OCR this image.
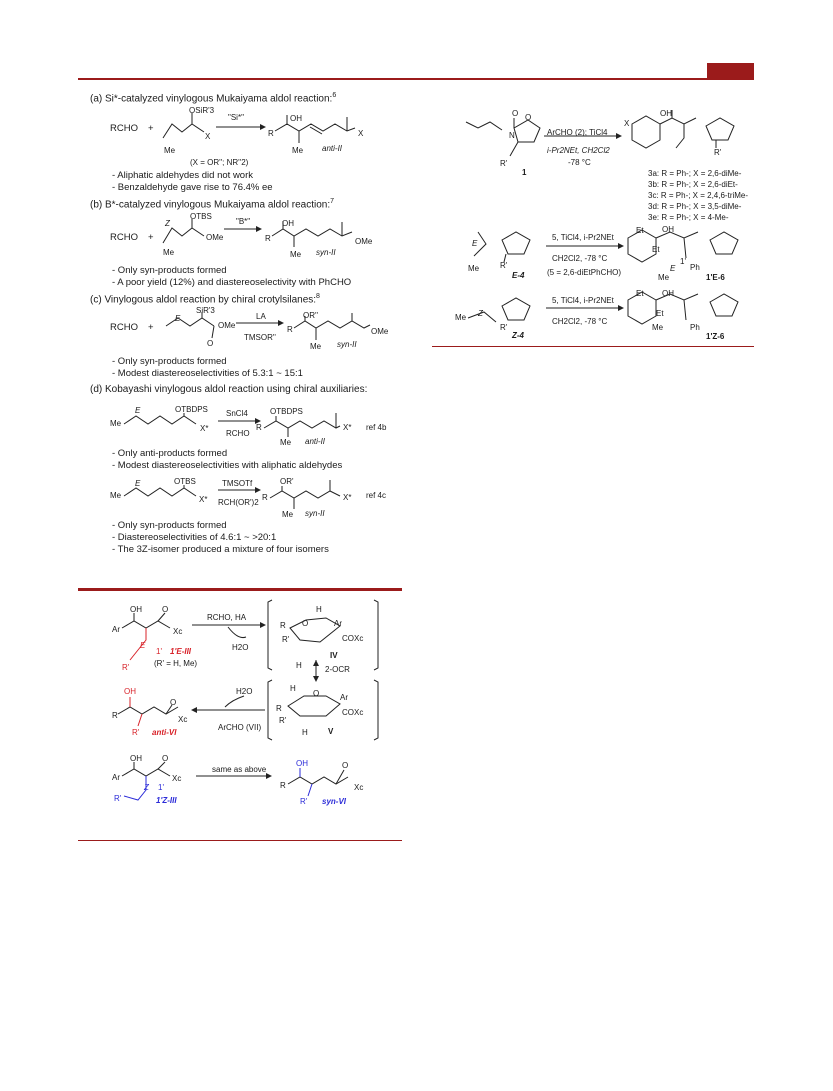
(a) Si*-catalyzed vinylogous Mukaiyama aldol reaction:$^6$
RCHO +
OSiR'3
X
Me
"Si*"
(X = OR''; NR''2)
OH
R	X
Me anti-II
- Aliphatic aldehydes did not work
- Benzaldehyde gave rise to 76.4% ee
(b) B*-catalyzed vinylogous Mukaiyama aldol reaction:$^7$
RCHO +
Z
OTBS
OMe
Me
"B*"	OH
R	OMe
Me syn-II
- Only syn-products formed
- A poor yield (12%) and diastereoselectivity with PhCHO
(c) Vinylogous aldol reaction by chiral crotylsilanes:$^8$
RCHO +
E
SiR'3
OMe
O
LA
TMSOR''
OR''
R	OMe
Me syn-II
- Only syn-products formed
- Modest diastereoselectivities of 5.3:1 ~ 15:1
(d) Kobayashi vinylogous aldol reaction using chiral auxiliaries:
Me
E	OTBDPS
X*
SnCl4
RCHO
OTBDPS
R	X*
Me anti-II
ref 4b
- Only anti-products formed
- Modest diastereoselectivities with aliphatic aldehydes
Me
E	OTBS
X*
TMSOTf
RCH(OR')2
OR'
R	X*
Me syn-II
ref 4c
- Only syn-products formed
- Diastereoselectivities of 4.6:1 ~ >20:1
- The 3Z-isomer produced a mixture of four isomers
OH	O
Ar	Xc
E
1' 1'E-III
(R' = H, Me)
R'
RCHO, HA
H2O
R
R'
O
H
Ar
COXc
H
IV
2-OCR
H
O	Ar
R
R'
COXc
H	V
H2O
ArCHO (VII)
OH
O
R	Xc
R' anti-VI
OH	O
Ar	Xc
Z 1'
R'	1'Z-III
same as above
OH	O
R	Xc
R' syn-VI
O
N
O
R'
1
ArCHO (2); TiCl4
i-Pr2NEt, CH2Cl2
-78 °C
X
OH
R'
3a: R = Ph-; X = 2,6-diMe-
3b: R = Ph-; X = 2,6-diEt-
3c: R = Ph-; X = 2,4,6-triMe-
3d: R = Ph-; X = 3,5-diMe-
3e: R = Ph-; X = 4-Me-
E
Me	R'
E-4
5, TiCl4, i-Pr2NEt
CH2Cl2, -78 °C
(5 = 2,6-diEtPhCHO)
Et OH
Et
1'
E
Me
Ph
1'E-6
Me Z
R'
Z-4
5, TiCl4, i-Pr2NEt
CH2Cl2, -78 °C
Et OH
Et
Me	Ph
1'Z-6
